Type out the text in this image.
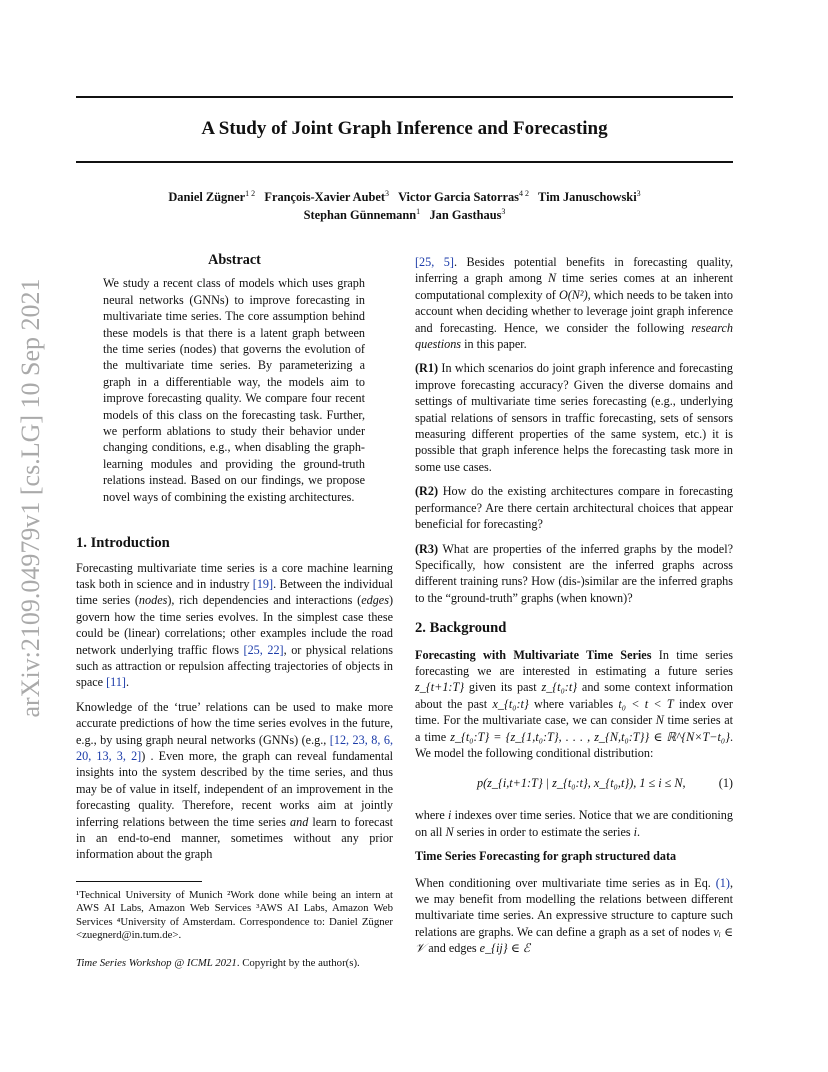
A Study of Joint Graph Inference and Forecasting
Daniel Zügner$^{1 2}$ François-Xavier Aubet$^3$ Victor Garcia Satorras$^{4 2}$ Tim Januschowski$^3$
Stephan Günnemann$^1$ Jan Gasthaus$^3$
arXiv:2109.04979v1 [cs.LG] 10 Sep 2021
Abstract

We study a recent class of models which uses graph neural networks (GNNs) to improve forecasting in multivariate time series. The core assumption behind these models is that there is a latent graph between the time series (nodes) that governs the evolution of the multivariate time series. By parameterizing a graph in a differentiable way, the models aim to improve forecasting quality. We compare four recent models of this class on the forecasting task. Further, we perform ablations to study their behavior under changing conditions, e.g., when disabling the graph-learning modules and providing the ground-truth relations instead. Based on our findings, we propose novel ways of combining the existing architectures.

1. Introduction

Forecasting multivariate time series is a core machine learning task both in science and in industry [19]. Between the individual time series (nodes), rich dependencies and interactions (edges) govern how the time series evolves. In the simplest case these could be (linear) correlations; other examples include the road network underlying traffic flows [25, 22], or physical relations such as attraction or repulsion affecting trajectories of objects in space [11].

Knowledge of the ‘true’ relations can be used to make more accurate predictions of how the time series evolves in the future, e.g., by using graph neural networks (GNNs) (e.g., [12, 23, 8, 6, 20, 13, 3, 2]) . Even more, the graph can reveal fundamental insights into the system described by the time series, and thus may be of value in itself, independent of an improvement in the forecasting quality. Therefore, recent works aim at jointly inferring relations between the time series and learn to forecast in an end-to-end manner, sometimes without any prior information about the graph

¹Technical University of Munich ²Work done while being an intern at AWS AI Labs, Amazon Web Services ³AWS AI Labs, Amazon Web Services ⁴University of Amsterdam. Correspondence to: Daniel Zügner <zuegnerd@in.tum.de>.
Time Series Workshop @ ICML 2021. Copyright by the author(s).

[25, 5]. Besides potential benefits in forecasting quality, inferring a graph among N time series comes at an inherent computational complexity of O(N²), which needs to be taken into account when deciding whether to leverage joint graph inference and forecasting. Hence, we consider the following research questions in this paper.

(R1) In which scenarios do joint graph inference and forecasting improve forecasting accuracy? Given the diverse domains and settings of multivariate time series forecasting (e.g., underlying spatial relations of sensors in traffic forecasting, sets of sensors measuring different properties of the same system, etc.) it is possible that graph inference helps the forecasting task more in some use cases.

(R2) How do the existing architectures compare in forecasting performance? Are there certain architectural choices that appear beneficial for forecasting?

(R3) What are properties of the inferred graphs by the model? Specifically, how consistent are the inferred graphs across different training runs? How (dis-)similar are the inferred graphs to the “ground-truth” graphs (when known)?

2. Background

Forecasting with Multivariate Time Series In time series forecasting we are interested in estimating a future series z_{t+1:T} given its past z_{t₀:t} and some context information about the past x_{t₀:t} where variables t₀ < t < T index over time. For the multivariate case, we can consider N time series at a time z_{t₀:T} = {z_{1,t₀:T}, . . . , z_{N,t₀:T}} ∈ ℝ^{N×T−t₀}. We model the following conditional distribution:

p(z_{i,t+1:T} | z_{t₀:t}, x_{t₀,t}), 1 ≤ i ≤ N,	(1)

where i indexes over time series. Notice that we are conditioning on all N series in order to estimate the series i.

Time Series Forecasting for graph structured data

When conditioning over multivariate time series as in Eq. (1), we may benefit from modelling the relations between different multivariate time series. An expressive structure to capture such relations are graphs. We can define a graph as a set of nodes vᵢ ∈ 𝒱 and edges e_{ij} ∈ ℰ
